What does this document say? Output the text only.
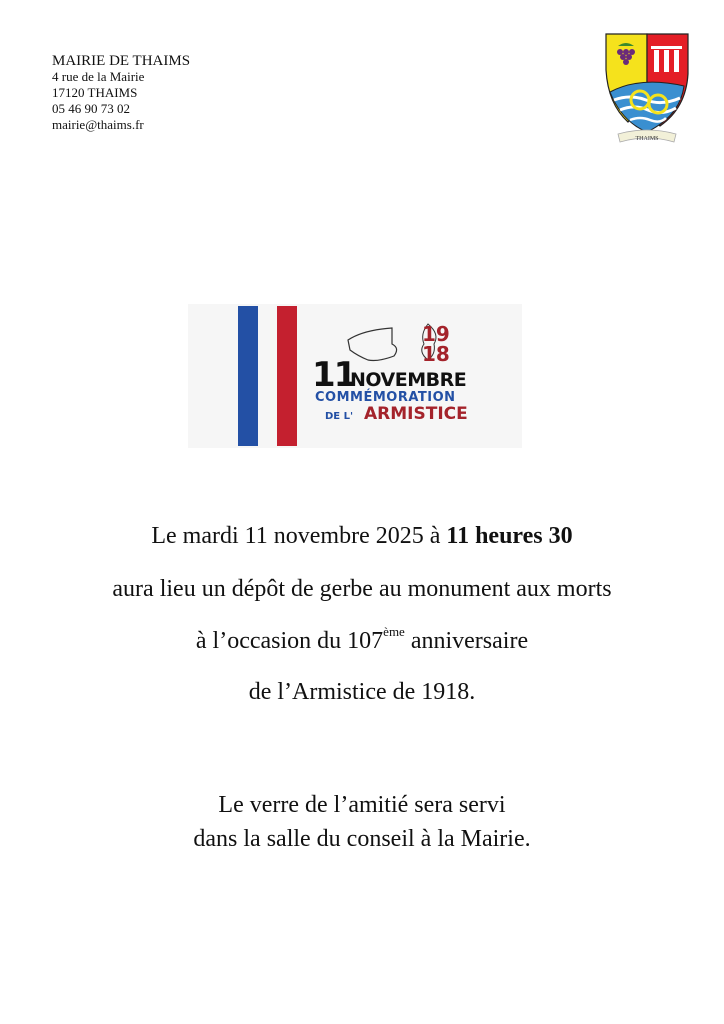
MAIRIE DE THAIMS
4 rue de la Mairie
17120 THAIMS
05 46 90 73 02
mairie@thaims.fr
THAIMS
19
18
11
NOVEMBRE
COMMÉMORATION
DE L' ARMISTICE
Le mardi 11 novembre 2025 à 11 heures 30
aura lieu un dépôt de gerbe au monument aux morts
à l’occasion du 107ème anniversaire
de l’Armistice de 1918.
Le verre de l’amitié sera servi
dans la salle du conseil à la Mairie.
